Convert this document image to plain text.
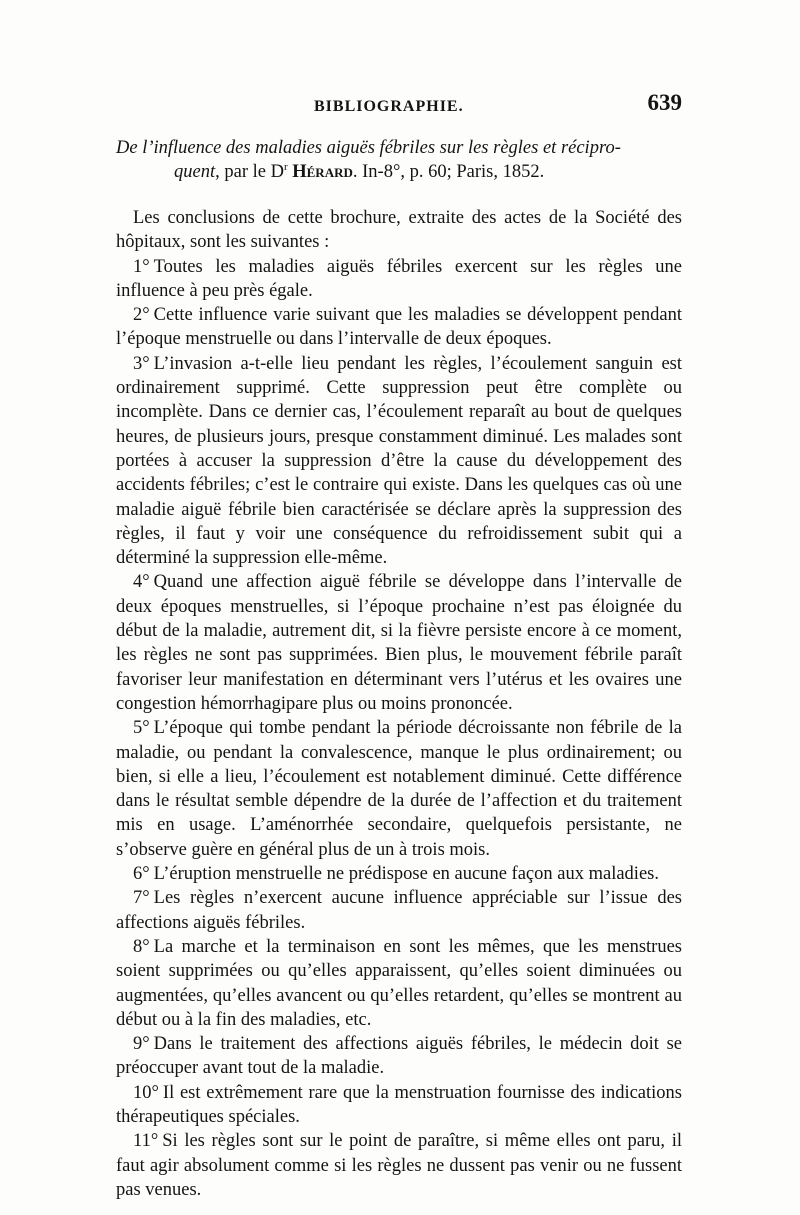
BIBLIOGRAPHIE.	639
De l’influence des maladies aiguës fébriles sur les règles et récipro-
quent, par le $D^r$ Hérard. In-8°, p. 60; Paris, 1852.

Les conclusions de cette brochure, extraite des actes de la Société des hôpitaux, sont les suivantes :

1° Toutes les maladies aiguës fébriles exercent sur les règles une influence à peu près égale.

2° Cette influence varie suivant que les maladies se développent pendant l’époque menstruelle ou dans l’intervalle de deux époques.

3° L’invasion a-t-elle lieu pendant les règles, l’écoulement sanguin est ordinairement supprimé. Cette suppression peut être complète ou incomplète. Dans ce dernier cas, l’écoulement reparaît au bout de quelques heures, de plusieurs jours, presque constamment diminué. Les malades sont portées à accuser la suppression d’être la cause du développement des accidents fébriles; c’est le contraire qui existe. Dans les quelques cas où une maladie aiguë fébrile bien caractérisée se déclare après la suppression des règles, il faut y voir une conséquence du refroidissement subit qui a déterminé la suppression elle-même.

4° Quand une affection aiguë fébrile se développe dans l’intervalle de deux époques menstruelles, si l’époque prochaine n’est pas éloignée du début de la maladie, autrement dit, si la fièvre persiste encore à ce moment, les règles ne sont pas supprimées. Bien plus, le mouvement fébrile paraît favoriser leur manifestation en déterminant vers l’utérus et les ovaires une congestion hémorrhagipare plus ou moins prononcée.

5° L’époque qui tombe pendant la période décroissante non fébrile de la maladie, ou pendant la convalescence, manque le plus ordinairement; ou bien, si elle a lieu, l’écoulement est notablement diminué. Cette différence dans le résultat semble dépendre de la durée de l’affection et du traitement mis en usage. L’aménorrhée secondaire, quelquefois persistante, ne s’observe guère en général plus de un à trois mois.

6° L’éruption menstruelle ne prédispose en aucune façon aux maladies.

7° Les règles n’exercent aucune influence appréciable sur l’issue des affections aiguës fébriles.

8° La marche et la terminaison en sont les mêmes, que les menstrues soient supprimées ou qu’elles apparaissent, qu’elles soient diminuées ou augmentées, qu’elles avancent ou qu’elles retardent, qu’elles se montrent au début ou à la fin des maladies, etc.

9° Dans le traitement des affections aiguës fébriles, le médecin doit se préoccuper avant tout de la maladie.

10° Il est extrêmement rare que la menstruation fournisse des indications thérapeutiques spéciales.

11° Si les règles sont sur le point de paraître, si même elles ont paru, il faut agir absolument comme si les règles ne dussent pas venir ou ne fussent pas venues.
